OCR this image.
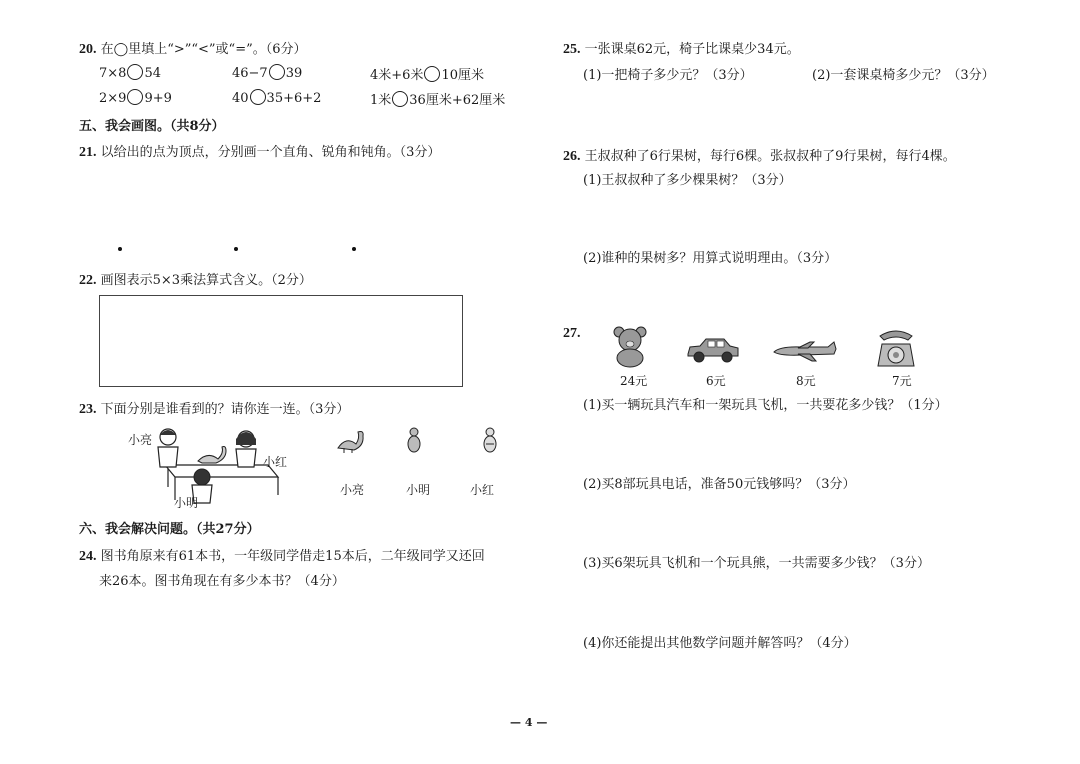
20. 在◯里填上“>”“<”或“=”。（6分）
7×8 54	46−7 39	4米+6米 10厘米
2×9 9+9	40 35+6+2	1米 36厘米+62厘米
五、我会画图。（共8分）
21. 以给出的点为顶点，分别画一个直角、锐角和钝角。（3分）
22. 画图表示5×3乘法算式含义。（2分）
23. 下面分别是谁看到的？请你连一连。（3分）
小亮
小红
小明
小亮	小明	小红
六、我会解决问题。（共27分）
24. 图书角原来有61本书，一年级同学借走15本后，二年级同学又还回
来26本。图书角现在有多少本书？（4分）
25. 一张课桌62元，椅子比课桌少34元。
(1)一把椅子多少元？（3分）	(2)一套课桌椅多少元？（3分）
26. 王叔叔种了6行果树，每行6棵。张叔叔种了9行果树，每行4棵。
(1)王叔叔种了多少棵果树？（3分）
(2)谁种的果树多？用算式说明理由。（3分）
27.
24元	6元	8元	7元
(1)买一辆玩具汽车和一架玩具飞机，一共要花多少钱？（1分）
(2)买8部玩具电话，准备50元钱够吗？（3分）
(3)买6架玩具飞机和一个玩具熊，一共需要多少钱？（3分）
(4)你还能提出其他数学问题并解答吗？（4分）
— 4 —
